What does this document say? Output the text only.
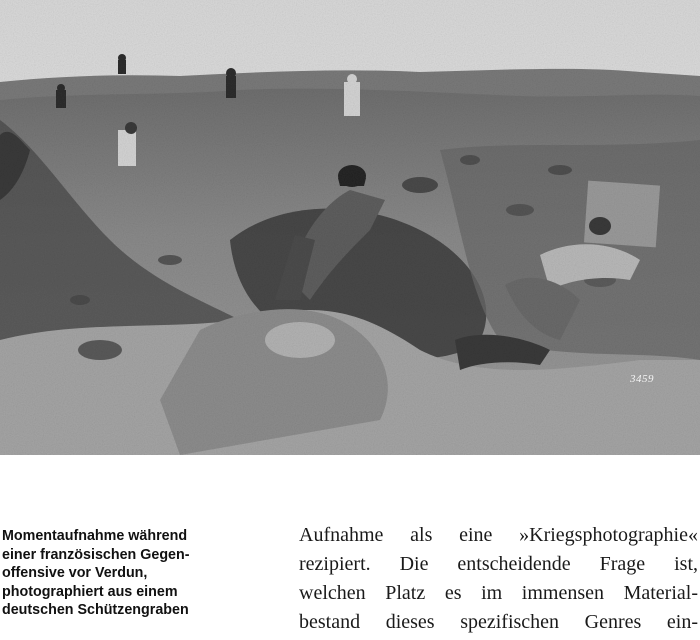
3459
Momentaufnahme während
einer französischen Gegen-
offensive vor Verdun,
photographiert aus einem
deutschen Schützengraben
Aufnahme als eine »Kriegsphotographie«
rezipiert. Die entscheidende Frage ist,
welchen Platz es im immensen Material-
bestand dieses spezifischen Genres ein-
